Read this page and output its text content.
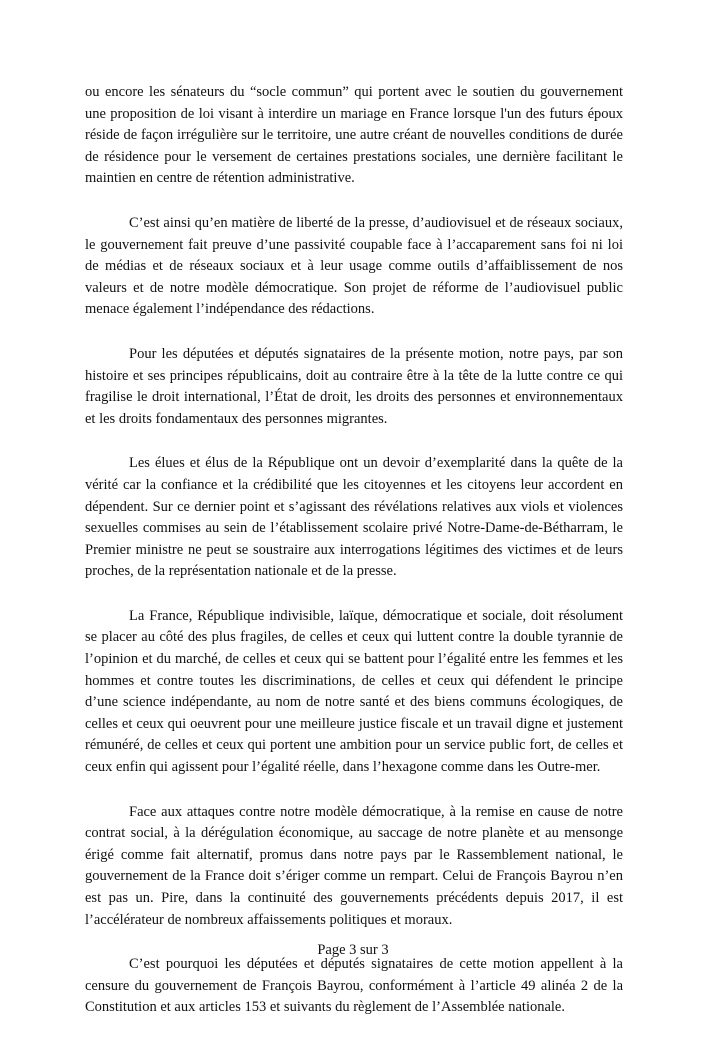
ou encore les sénateurs du “socle commun” qui portent avec le soutien du gouvernement une proposition de loi visant à interdire un mariage en France lorsque l'un des futurs époux réside de façon irrégulière sur le territoire, une autre créant de nouvelles conditions de durée de résidence pour le versement de certaines prestations sociales, une dernière facilitant le maintien en centre de rétention administrative.

C’est ainsi qu’en matière de liberté de la presse, d’audiovisuel et de réseaux sociaux, le gouvernement fait preuve d’une passivité coupable face à l’accaparement sans foi ni loi de médias et de réseaux sociaux et à leur usage comme outils d’affaiblissement de nos valeurs et de notre modèle démocratique. Son projet de réforme de l’audiovisuel public menace également l’indépendance des rédactions.

Pour les députées et députés signataires de la présente motion, notre pays, par son histoire et ses principes républicains, doit au contraire être à la tête de la lutte contre ce qui fragilise le droit international, l’État de droit, les droits des personnes et environnementaux et les droits fondamentaux des personnes migrantes.

Les élues et élus de la République ont un devoir d’exemplarité dans la quête de la vérité car la confiance et la crédibilité que les citoyennes et les citoyens leur accordent en dépendent. Sur ce dernier point et s’agissant des révélations relatives aux viols et violences sexuelles commises au sein de l’établissement scolaire privé Notre-Dame-de-Bétharram, le Premier ministre ne peut se soustraire aux interrogations légitimes des victimes et de leurs proches, de la représentation nationale et de la presse.

La France, République indivisible, laïque, démocratique et sociale, doit résolument se placer au côté des plus fragiles, de celles et ceux qui luttent contre la double tyrannie de l’opinion et du marché, de celles et ceux qui se battent pour l’égalité entre les femmes et les hommes et contre toutes les discriminations, de celles et ceux qui défendent le principe d’une science indépendante, au nom de notre santé et des biens communs écologiques, de celles et ceux qui oeuvrent pour une meilleure justice fiscale et un travail digne et justement rémunéré, de celles et ceux qui portent une ambition pour un service public fort, de celles et ceux enfin qui agissent pour l’égalité réelle, dans l’hexagone comme dans les Outre-mer.

Face aux attaques contre notre modèle démocratique, à la remise en cause de notre contrat social, à la dérégulation économique, au saccage de notre planète et au mensonge érigé comme fait alternatif, promus dans notre pays par le Rassemblement national, le gouvernement de la France doit s’ériger comme un rempart. Celui de François Bayrou n’en est pas un. Pire, dans la continuité des gouvernements précédents depuis 2017, il est l’accélérateur de nombreux affaissements politiques et moraux.

C’est pourquoi les députées et députés signataires de cette motion appellent à la censure du gouvernement de François Bayrou, conformément à l’article 49 alinéa 2 de la Constitution et aux articles 153 et suivants du règlement de l’Assemblée nationale.

Page 3 sur 3
